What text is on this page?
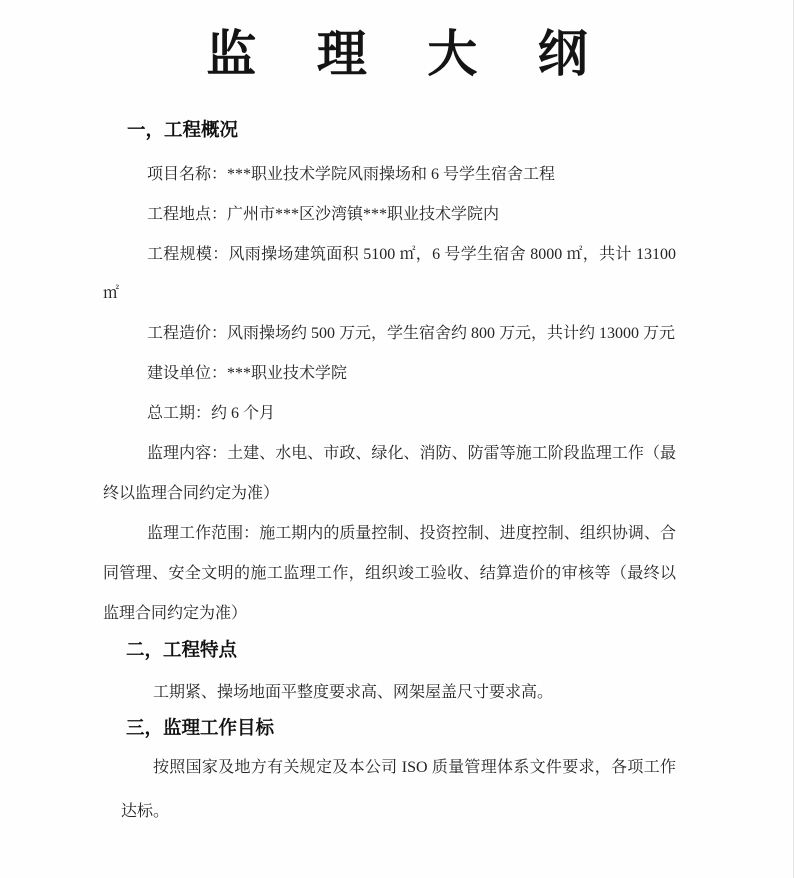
监 理 大 纲
一，工程概况
项目名称：***职业技术学院风雨操场和 6 号学生宿舍工程
工程地点：广州市***区沙湾镇***职业技术学院内
工程规模：风雨操场建筑面积 5100 ㎡，6 号学生宿舍 8000 ㎡，共计 13100
㎡
工程造价：风雨操场约 500 万元，学生宿舍约 800 万元，共计约 13000 万元
建设单位：***职业技术学院
总工期：约 6 个月
监理内容：土建、水电、市政、绿化、消防、防雷等施工阶段监理工作（最
终以监理合同约定为准）
监理工作范围：施工期内的质量控制、投资控制、进度控制、组织协调、合
同管理、安全文明的施工监理工作，组织竣工验收、结算造价的审核等（最终以
监理合同约定为准）
二，工程特点
工期紧、操场地面平整度要求高、网架屋盖尺寸要求高。
三，监理工作目标
按照国家及地方有关规定及本公司 ISO 质量管理体系文件要求，各项工作
达标。
